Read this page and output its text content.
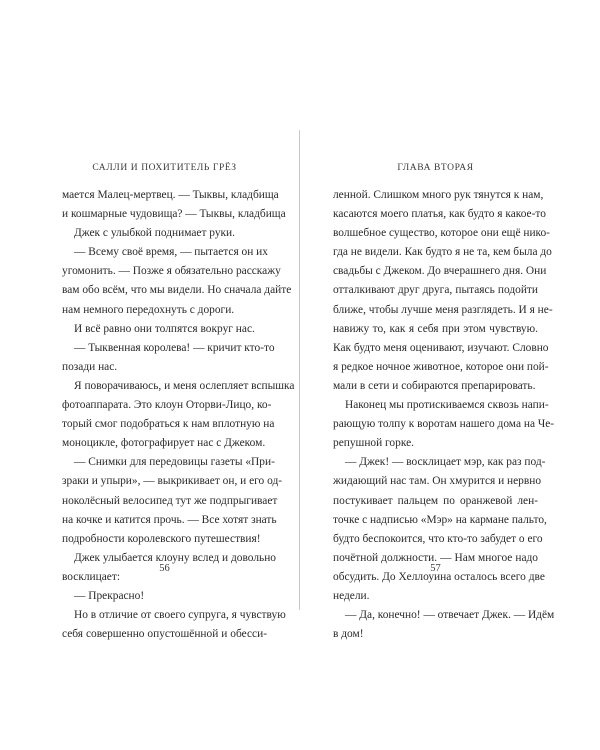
САЛЛИ И ПОХИТИТЕЛЬ ГРЁЗ
мается Малец-мертвец. — Тыквы, кладбища
и кошмарные чудовища? — Тыквы, кладбища
Джек с улыбкой поднимает руки.
— Всему своё время, — пытается он их
угомонить. — Позже я обязательно расскажу
вам обо всём, что мы видели. Но сначала дайте
нам немного передохнуть с дороги.
И всё равно они толпятся вокруг нас.
— Тыквенная королева! — кричит кто-то
позади нас.
Я поворачиваюсь, и меня ослепляет вспышка
фотоаппарата. Это клоун Оторви-Лицо, ко-
торый смог подобраться к нам вплотную на
моноцикле, фотографирует нас с Джеком.
— Снимки для передовицы газеты «При-
зраки и упыри», — выкрикивает он, и его од-
ноколёсный велосипед тут же подпрыгивает
на кочке и катится прочь. — Все хотят знать
подробности королевского путешествия!
Джек улыбается клоуну вслед и довольно
восклицает:
— Прекрасно!
Но в отличие от своего супруга, я чувствую
себя совершенно опустошённой и обесси-
ГЛАВА ВТОРАЯ
ленной. Слишком много рук тянутся к нам,
касаются моего платья, как будто я какое-то
волшебное существо, которое они ещё нико-
гда не видели. Как будто я не та, кем была до
свадьбы с Джеком. До вчерашнего дня. Они
отталкивают друг друга, пытаясь подойти
ближе, чтобы лучше меня разглядеть. И я не-
навижу то, как я себя при этом чувствую.
Как будто меня оценивают, изучают. Словно
я редкое ночное животное, которое они пой-
мали в сети и собираются препарировать.
Наконец мы протискиваемся сквозь напи-
рающую толпу к воротам нашего дома на Че-
репушной горке.
— Джек! — восклицает мэр, как раз под-
жидающий нас там. Он хмурится и нервно
постукивает пальцем по оранжевой лен-
точке с надписью «Мэр» на кармане пальто,
будто беспокоится, что кто-то забудет о его
почётной должности. — Нам многое надо
обсудить. До Хеллоуина осталось всего две
недели.
— Да, конечно! — отвечает Джек. — Идём
в дом!
56	57
